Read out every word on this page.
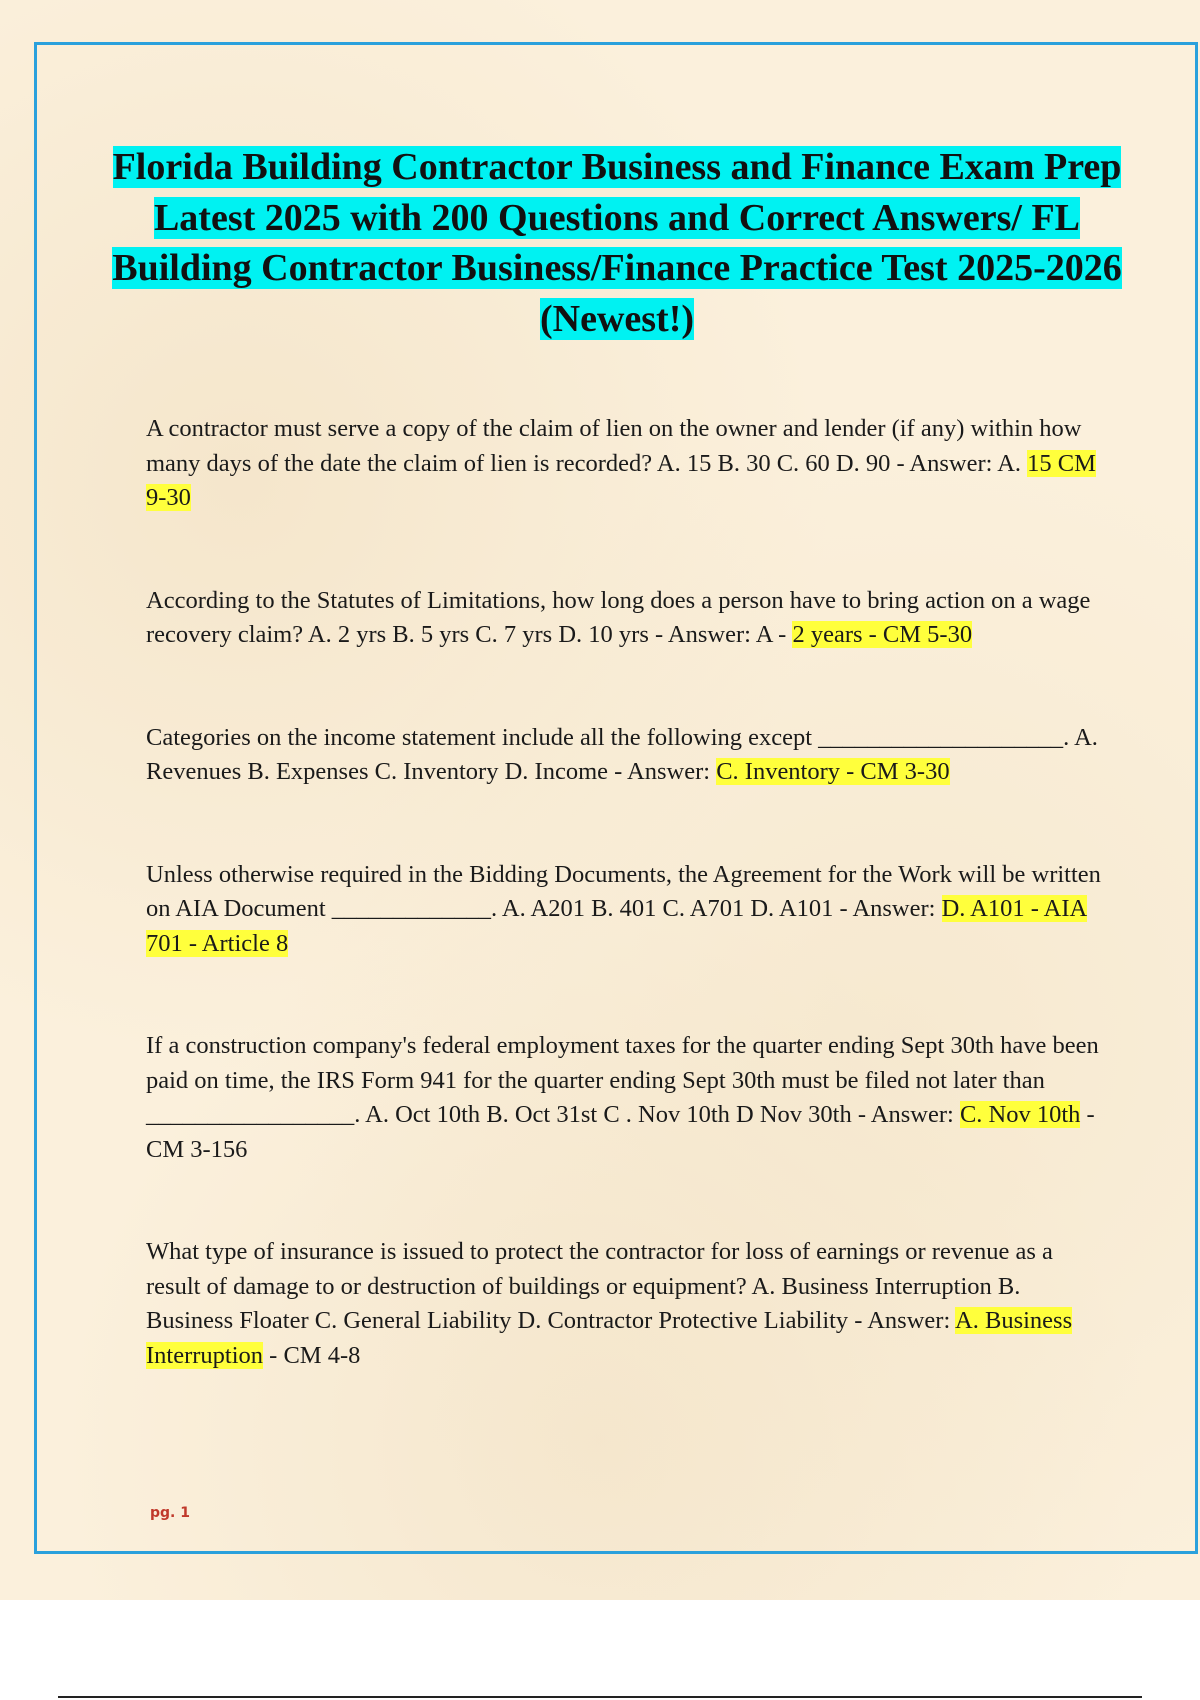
Florida Building Contractor Business and Finance Exam Prep Latest 2025 with 200 Questions and Correct Answers/ FL Building Contractor Business/Finance Practice Test 2025-2026 (Newest!)

A contractor must serve a copy of the claim of lien on the owner and lender (if any) within how many days of the date the claim of lien is recorded? A. 15 B. 30 C. 60 D. 90 - Answer: A. 15 CM 9-30

According to the Statutes of Limitations, how long does a person have to bring action on a wage recovery claim? A. 2 yrs B. 5 yrs C. 7 yrs D. 10 yrs - Answer: A - 2 years - CM 5-30

Categories on the income statement include all the following except ____________________. A. Revenues B. Expenses C. Inventory D. Income - Answer: C. Inventory - CM 3-30

Unless otherwise required in the Bidding Documents, the Agreement for the Work will be written on AIA Document _____________. A. A201 B. 401 C. A701 D. A101 - Answer: D. A101 - AIA 701 - Article 8

If a construction company's federal employment taxes for the quarter ending Sept 30th have been paid on time, the IRS Form 941 for the quarter ending Sept 30th must be filed not later than _________________. A. Oct 10th B. Oct 31st C . Nov 10th D Nov 30th - Answer: C. Nov 10th - CM 3-156

What type of insurance is issued to protect the contractor for loss of earnings or revenue as a result of damage to or destruction of buildings or equipment? A. Business Interruption B. Business Floater C. General Liability D. Contractor Protective Liability - Answer: A. Business Interruption - CM 4-8

pg. 1
